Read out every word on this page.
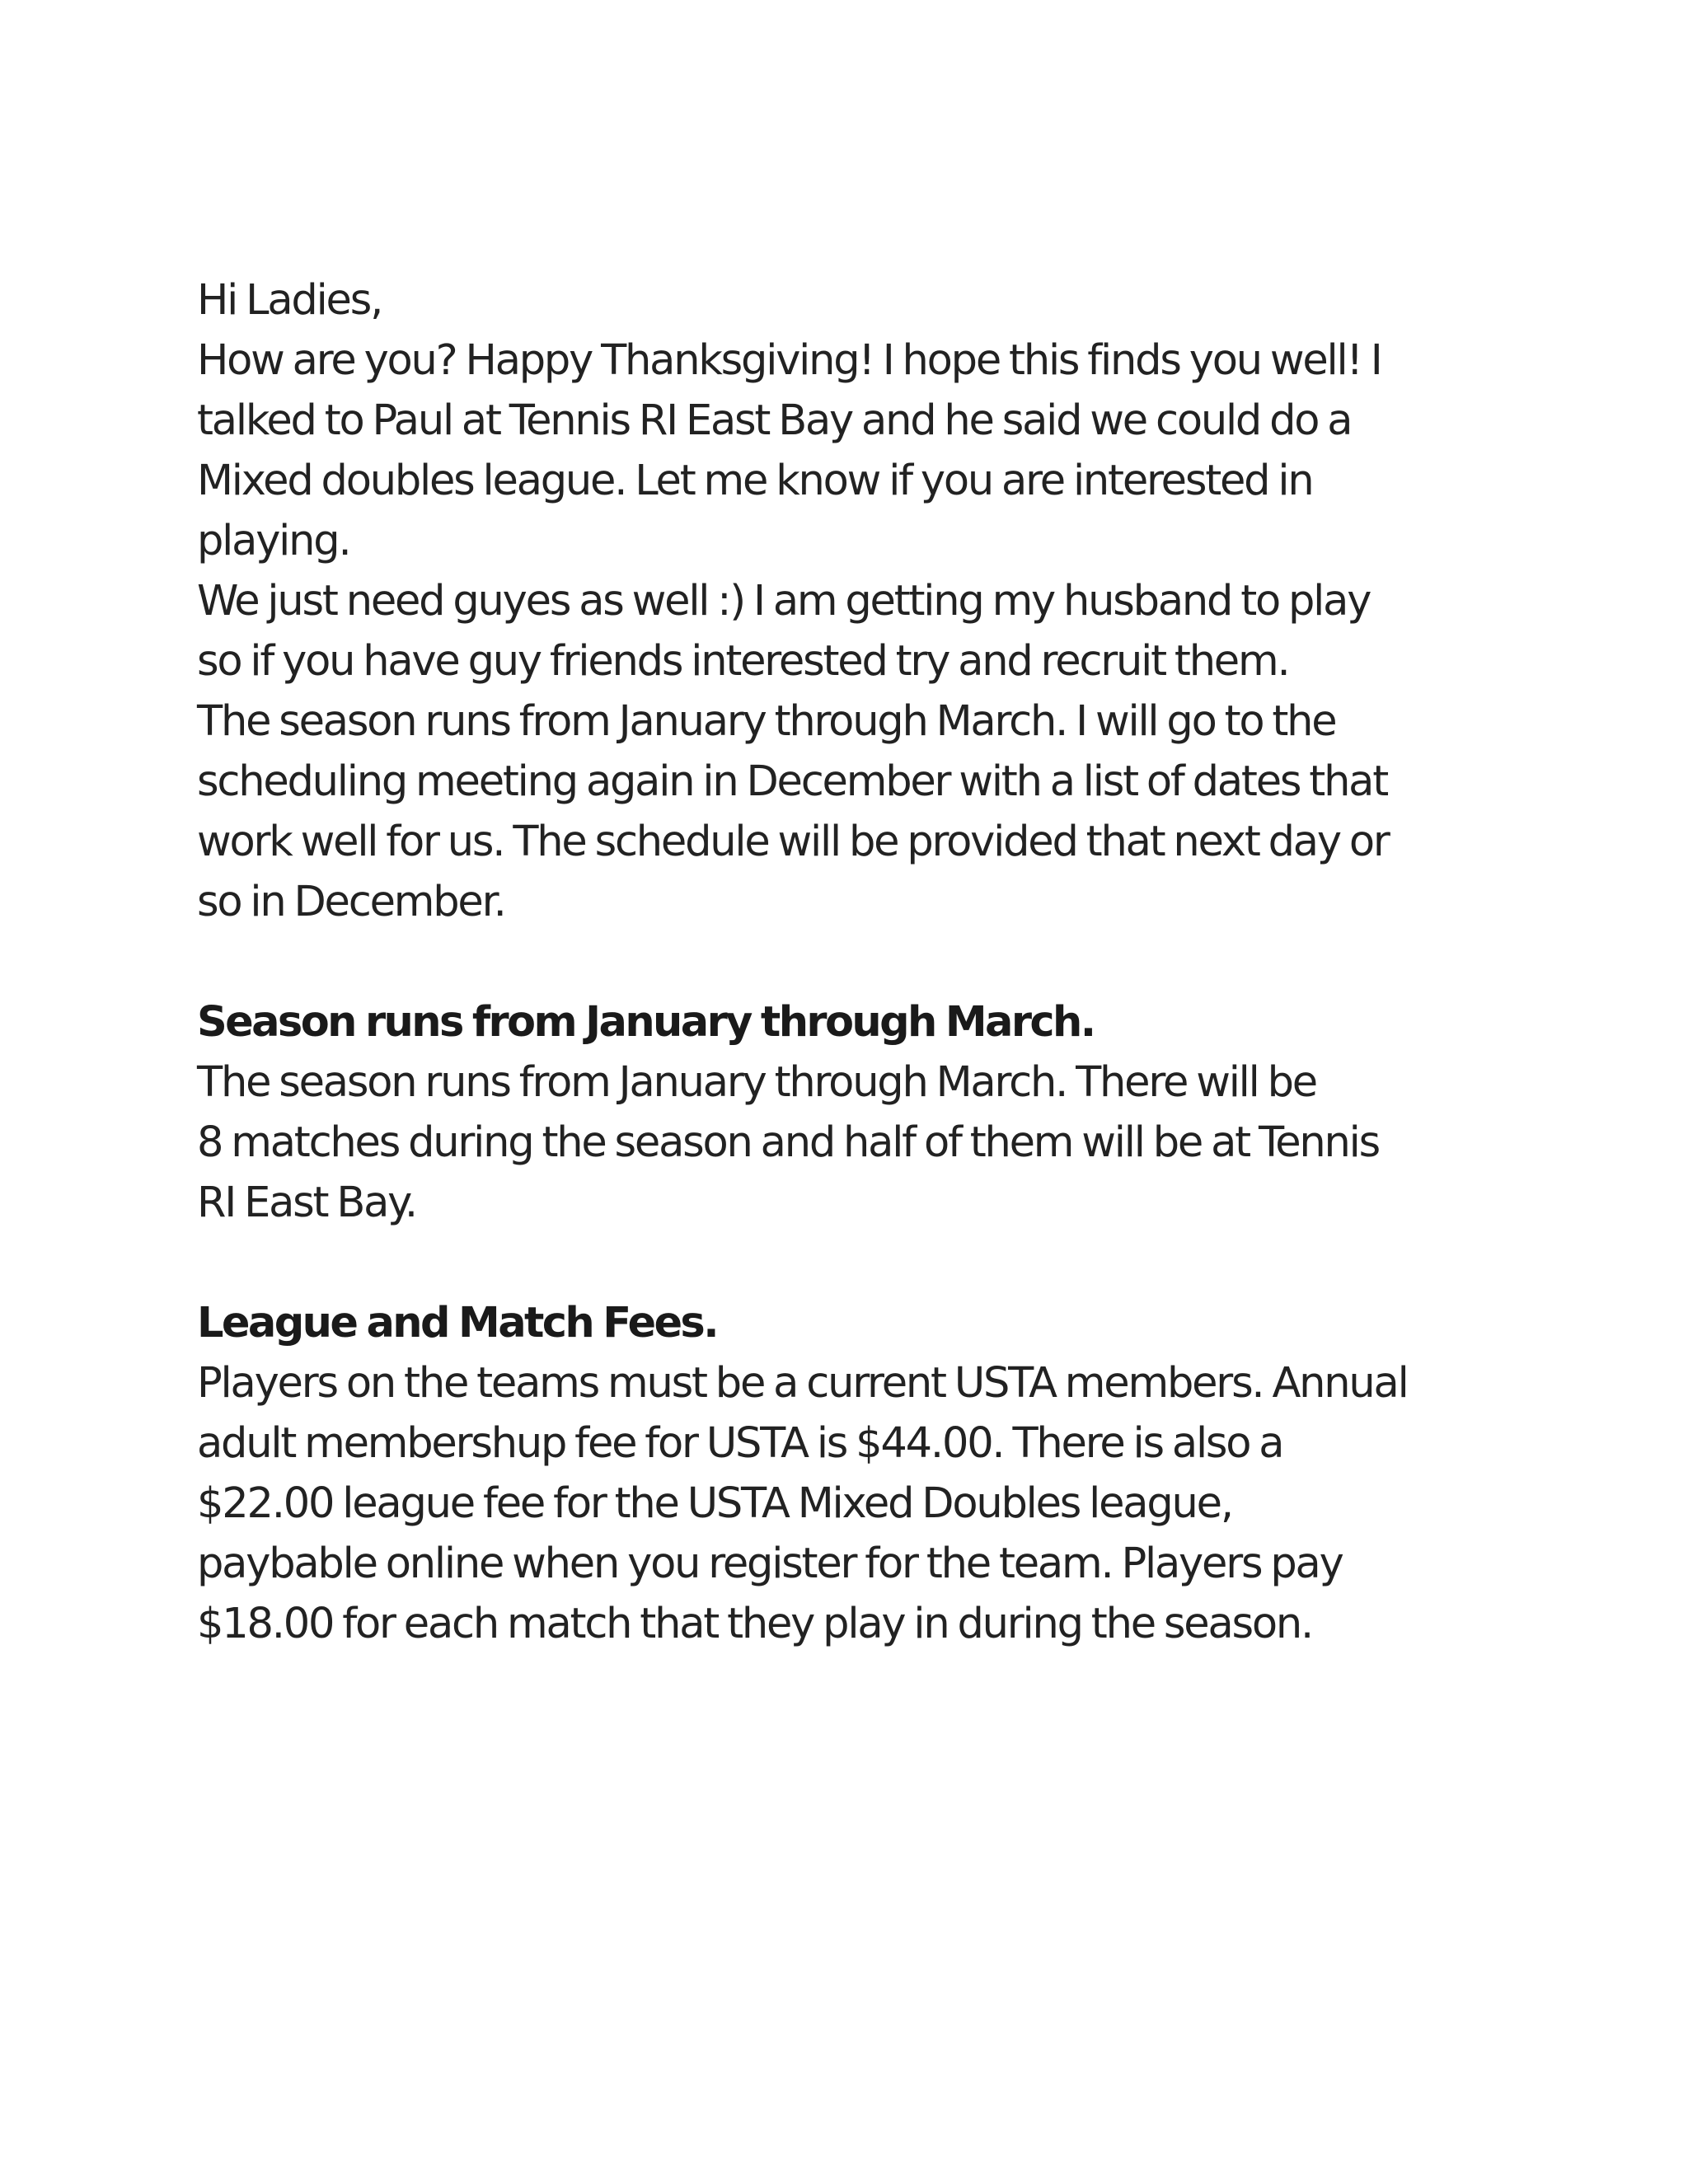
Hi Ladies,
How are you? Happy Thanksgiving! I hope this finds you well! I
talked to Paul at Tennis RI East Bay and he said we could do a
Mixed doubles league. Let me know if you are interested in
playing.
We just need guyes as well :) I am getting my husband to play
so if you have guy friends interested try and recruit them.
The season runs from January through March. I will go to the
scheduling meeting again in December with a list of dates that
work well for us. The schedule will be provided that next day or
so in December.
Season runs from January through March.
The season runs from January through March. There will be
8 matches during the season and half of them will be at Tennis
RI East Bay.
League and Match Fees.
Players on the teams must be a current USTA members. Annual
adult membershup fee for USTA is $44.00. There is also a
$22.00 league fee for the USTA Mixed Doubles league,
paybable online when you register for the team. Players pay
$18.00 for each match that they play in during the season.
